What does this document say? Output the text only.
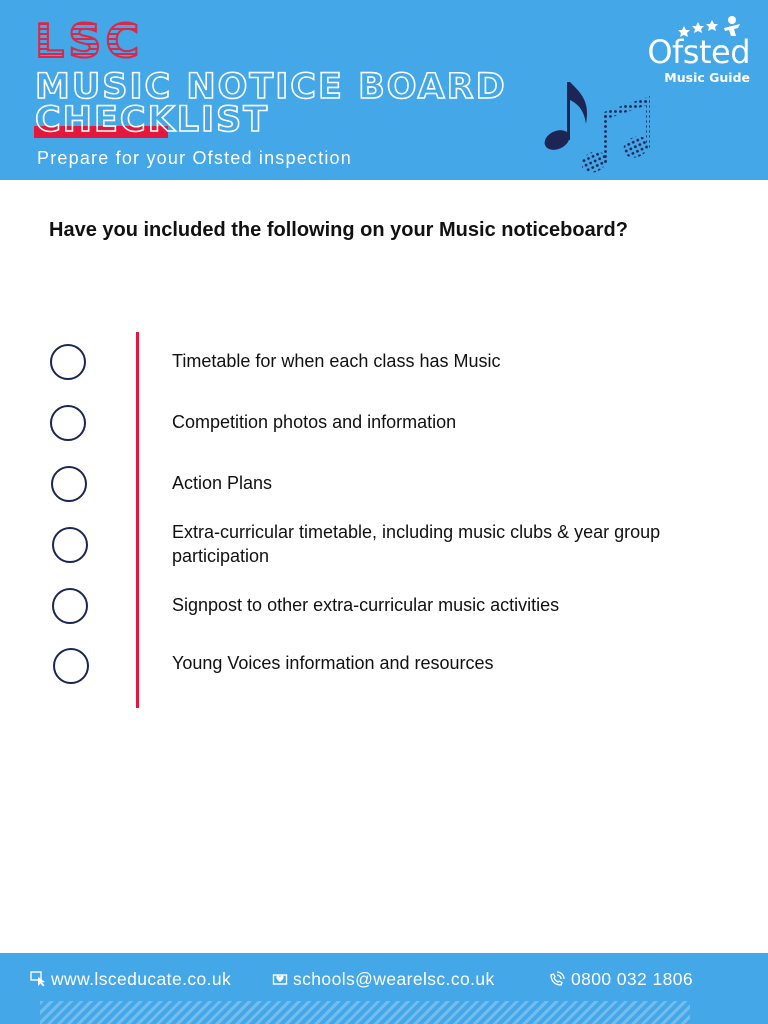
LSC
MUSIC NOTICE BOARD
CHECKLIST
Prepare for your Ofsted inspection
Ofsted
Music Guide
Have you included the following on your Music noticeboard?
Timetable for when each class has Music
Competition photos and information
Action Plans
Extra-curricular timetable, including music clubs & year group participation
Signpost to other extra-curricular music activities
Young Voices information and resources
www.lsceducate.co.uk	schools@wearelsc.co.uk	0800 032 1806
